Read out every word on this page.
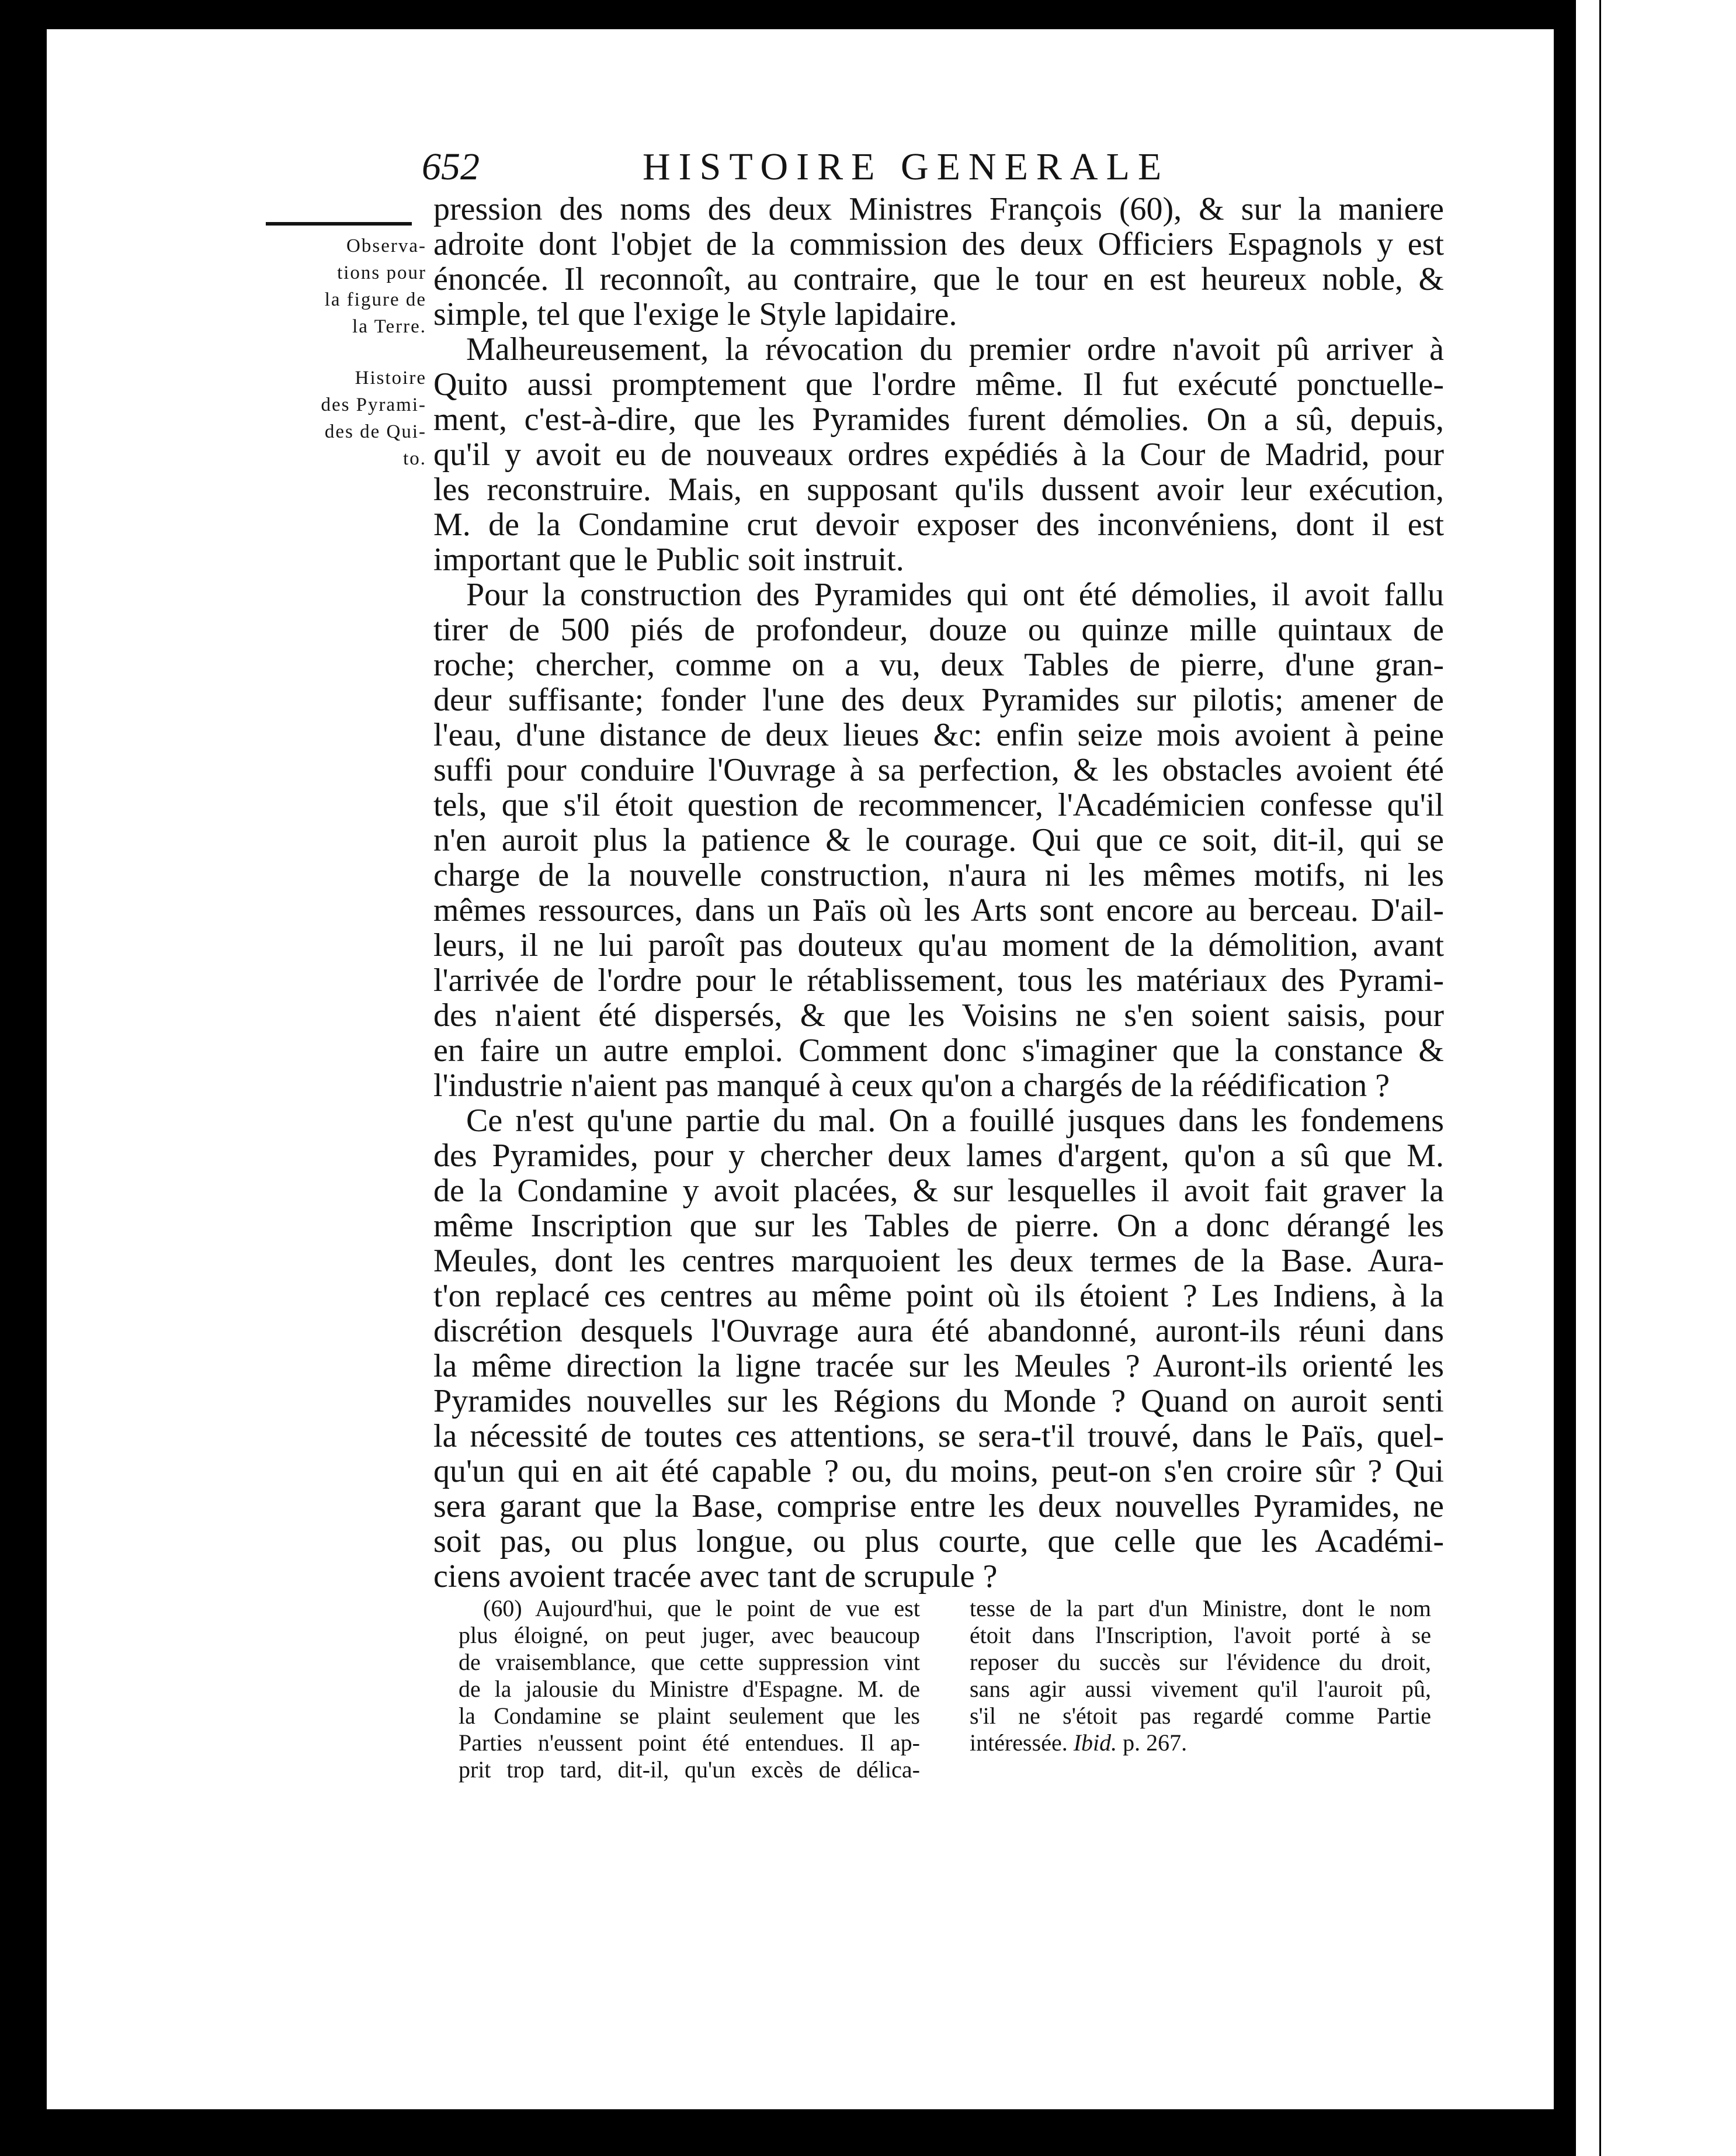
652	HISTOIRE GENERALE
Observa-
tions pour
la figure de
la Terre.
Histoire
des Pyrami-
des de Qui-
to.
pression des noms des deux Ministres François (60), & sur la maniere
adroite dont l'objet de la commission des deux Officiers Espagnols y est
énoncée. Il reconnoît, au contraire, que le tour en est heureux noble, &
simple, tel que l'exige le Style lapidaire.
Malheureusement, la révocation du premier ordre n'avoit pû arriver à
Quito aussi promptement que l'ordre même. Il fut exécuté ponctuelle-
ment, c'est-à-dire, que les Pyramides furent démolies. On a sû, depuis,
qu'il y avoit eu de nouveaux ordres expédiés à la Cour de Madrid, pour
les reconstruire. Mais, en supposant qu'ils dussent avoir leur exécution,
M. de la Condamine crut devoir exposer des inconvéniens, dont il est
important que le Public soit instruit.
Pour la construction des Pyramides qui ont été démolies, il avoit fallu
tirer de 500 piés de profondeur, douze ou quinze mille quintaux de
roche; chercher, comme on a vu, deux Tables de pierre, d'une gran-
deur suffisante; fonder l'une des deux Pyramides sur pilotis; amener de
l'eau, d'une distance de deux lieues &c: enfin seize mois avoient à peine
suffi pour conduire l'Ouvrage à sa perfection, & les obstacles avoient été
tels, que s'il étoit question de recommencer, l'Académicien confesse qu'il
n'en auroit plus la patience & le courage. Qui que ce soit, dit-il, qui se
charge de la nouvelle construction, n'aura ni les mêmes motifs, ni les
mêmes ressources, dans un Païs où les Arts sont encore au berceau. D'ail-
leurs, il ne lui paroît pas douteux qu'au moment de la démolition, avant
l'arrivée de l'ordre pour le rétablissement, tous les matériaux des Pyrami-
des n'aient été dispersés, & que les Voisins ne s'en soient saisis, pour
en faire un autre emploi. Comment donc s'imaginer que la constance &
l'industrie n'aient pas manqué à ceux qu'on a chargés de la réédification ?
Ce n'est qu'une partie du mal. On a fouillé jusques dans les fondemens
des Pyramides, pour y chercher deux lames d'argent, qu'on a sû que M.
de la Condamine y avoit placées, & sur lesquelles il avoit fait graver la
même Inscription que sur les Tables de pierre. On a donc dérangé les
Meules, dont les centres marquoient les deux termes de la Base. Aura-
t'on replacé ces centres au même point où ils étoient ? Les Indiens, à la
discrétion desquels l'Ouvrage aura été abandonné, auront-ils réuni dans
la même direction la ligne tracée sur les Meules ? Auront-ils orienté les
Pyramides nouvelles sur les Régions du Monde ? Quand on auroit senti
la nécessité de toutes ces attentions, se sera-t'il trouvé, dans le Païs, quel-
qu'un qui en ait été capable ? ou, du moins, peut-on s'en croire sûr ? Qui
sera garant que la Base, comprise entre les deux nouvelles Pyramides, ne
soit pas, ou plus longue, ou plus courte, que celle que les Académi-
ciens avoient tracée avec tant de scrupule ?
(60) Aujourd'hui, que le point de vue est
plus éloigné, on peut juger, avec beaucoup
de vraisemblance, que cette suppression vint
de la jalousie du Ministre d'Espagne. M. de
la Condamine se plaint seulement que les
Parties n'eussent point été entendues. Il ap-
prit trop tard, dit-il, qu'un excès de délica-
tesse de la part d'un Ministre, dont le nom
étoit dans l'Inscription, l'avoit porté à se
reposer du succès sur l'évidence du droit,
sans agir aussi vivement qu'il l'auroit pû,
s'il ne s'étoit pas regardé comme Partie
intéressée. Ibid. p. 267.
